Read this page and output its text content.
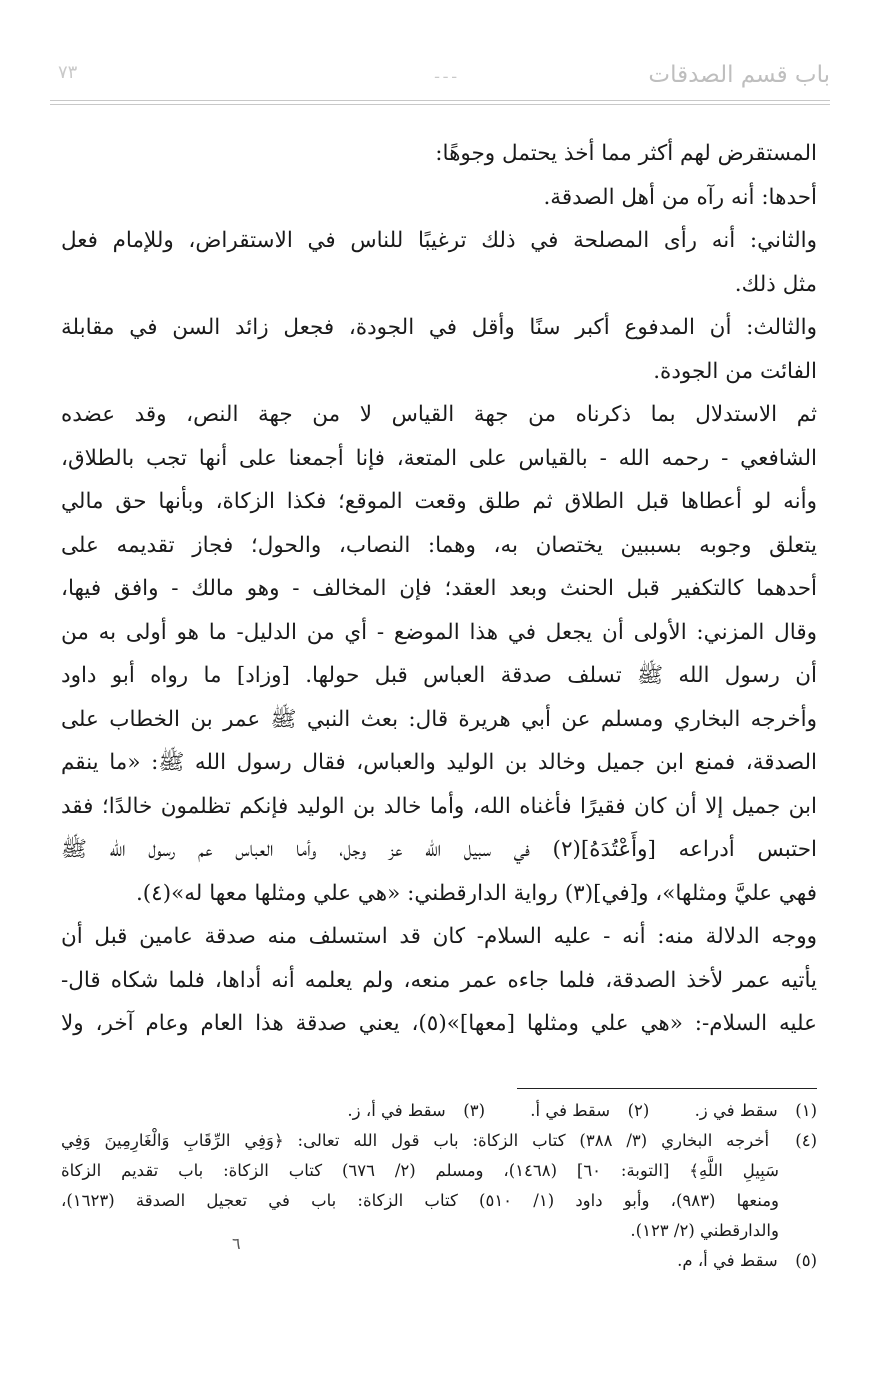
باب قسم الصدقات
ـ ـ ـ
٧٣
المستقرض لهم أكثر مما أخذ يحتمل وجوهًا:
أحدها: أنه رآه من أهل الصدقة.
والثاني: أنه رأى المصلحة في ذلك ترغيبًا للناس في الاستقراض، وللإمام فعل
مثل ذلك.
والثالث: أن المدفوع أكبر سنًا وأقل في الجودة، فجعل زائد السن في مقابلة
الفائت من الجودة.
ثم الاستدلال بما ذكرناه من جهة القياس لا من جهة النص، وقد عضده
الشافعي - رحمه الله - بالقياس على المتعة، فإنا أجمعنا على أنها تجب بالطلاق،
وأنه لو أعطاها قبل الطلاق ثم طلق وقعت الموقع؛ فكذا الزكاة، وبأنها حق مالي
يتعلق وجوبه بسببين يختصان به، وهما: النصاب، والحول؛ فجاز تقديمه على
أحدهما كالتكفير قبل الحنث وبعد العقد؛ فإن المخالف - وهو مالك - وافق فيها،
وقال المزني: الأولى أن يجعل في هذا الموضع - أي من الدليل- ما هو أولى به من
أن رسول الله ﷺ تسلف صدقة العباس قبل حولها. [وزاد] ما رواه أبو داود
وأخرجه البخاري ومسلم عن أبي هريرة قال: بعث النبي ﷺ عمر بن الخطاب على
الصدقة، فمنع ابن جميل وخالد بن الوليد والعباس، فقال رسول الله ﷺ: «ما ينقم
ابن جميل إلا أن كان فقيرًا فأغناه الله، وأما خالد بن الوليد فإنكم تظلمون خالدًا؛ فقد
احتبس أدراعه [وأَعْتُدَهُ](٢) في سبيل الله عز وجل، وأما العباس عم رسول الله ﷺ
فهي عليَّ ومثلها»، و[في](٣) رواية الدارقطني: «هي علي ومثلها معها له»(٤).
ووجه الدلالة منه: أنه - عليه السلام- كان قد استسلف منه صدقة عامين قبل أن
يأتيه عمر لأخذ الصدقة، فلما جاءه عمر منعه، ولم يعلمه أنه أداها، فلما شكاه قال-
عليه السلام-: «هي علي ومثلها [معها]»(٥)، يعني صدقة هذا العام وعام آخر، ولا
(١) سقط في ز. (٢) سقط في أ. (٣) سقط في أ، ز.
(٤) أخرجه البخاري (٣/ ٣٨٨) كتاب الزكاة: باب قول الله تعالى: ﴿وَفِي الرِّقَابِ وَالْغَارِمِينَ وَفِي
سَبِيلِ اللَّهِ﴾ [التوبة: ٦٠] (١٤٦٨)، ومسلم (٢/ ٦٧٦) كتاب الزكاة: باب تقديم الزكاة
ومنعها (٩٨٣)، وأبو داود (١/ ٥١٠) كتاب الزكاة: باب في تعجيل الصدقة (١٦٢٣)،
والدارقطني (٢/ ١٢٣).
(٥) سقط في أ، م.
٦
